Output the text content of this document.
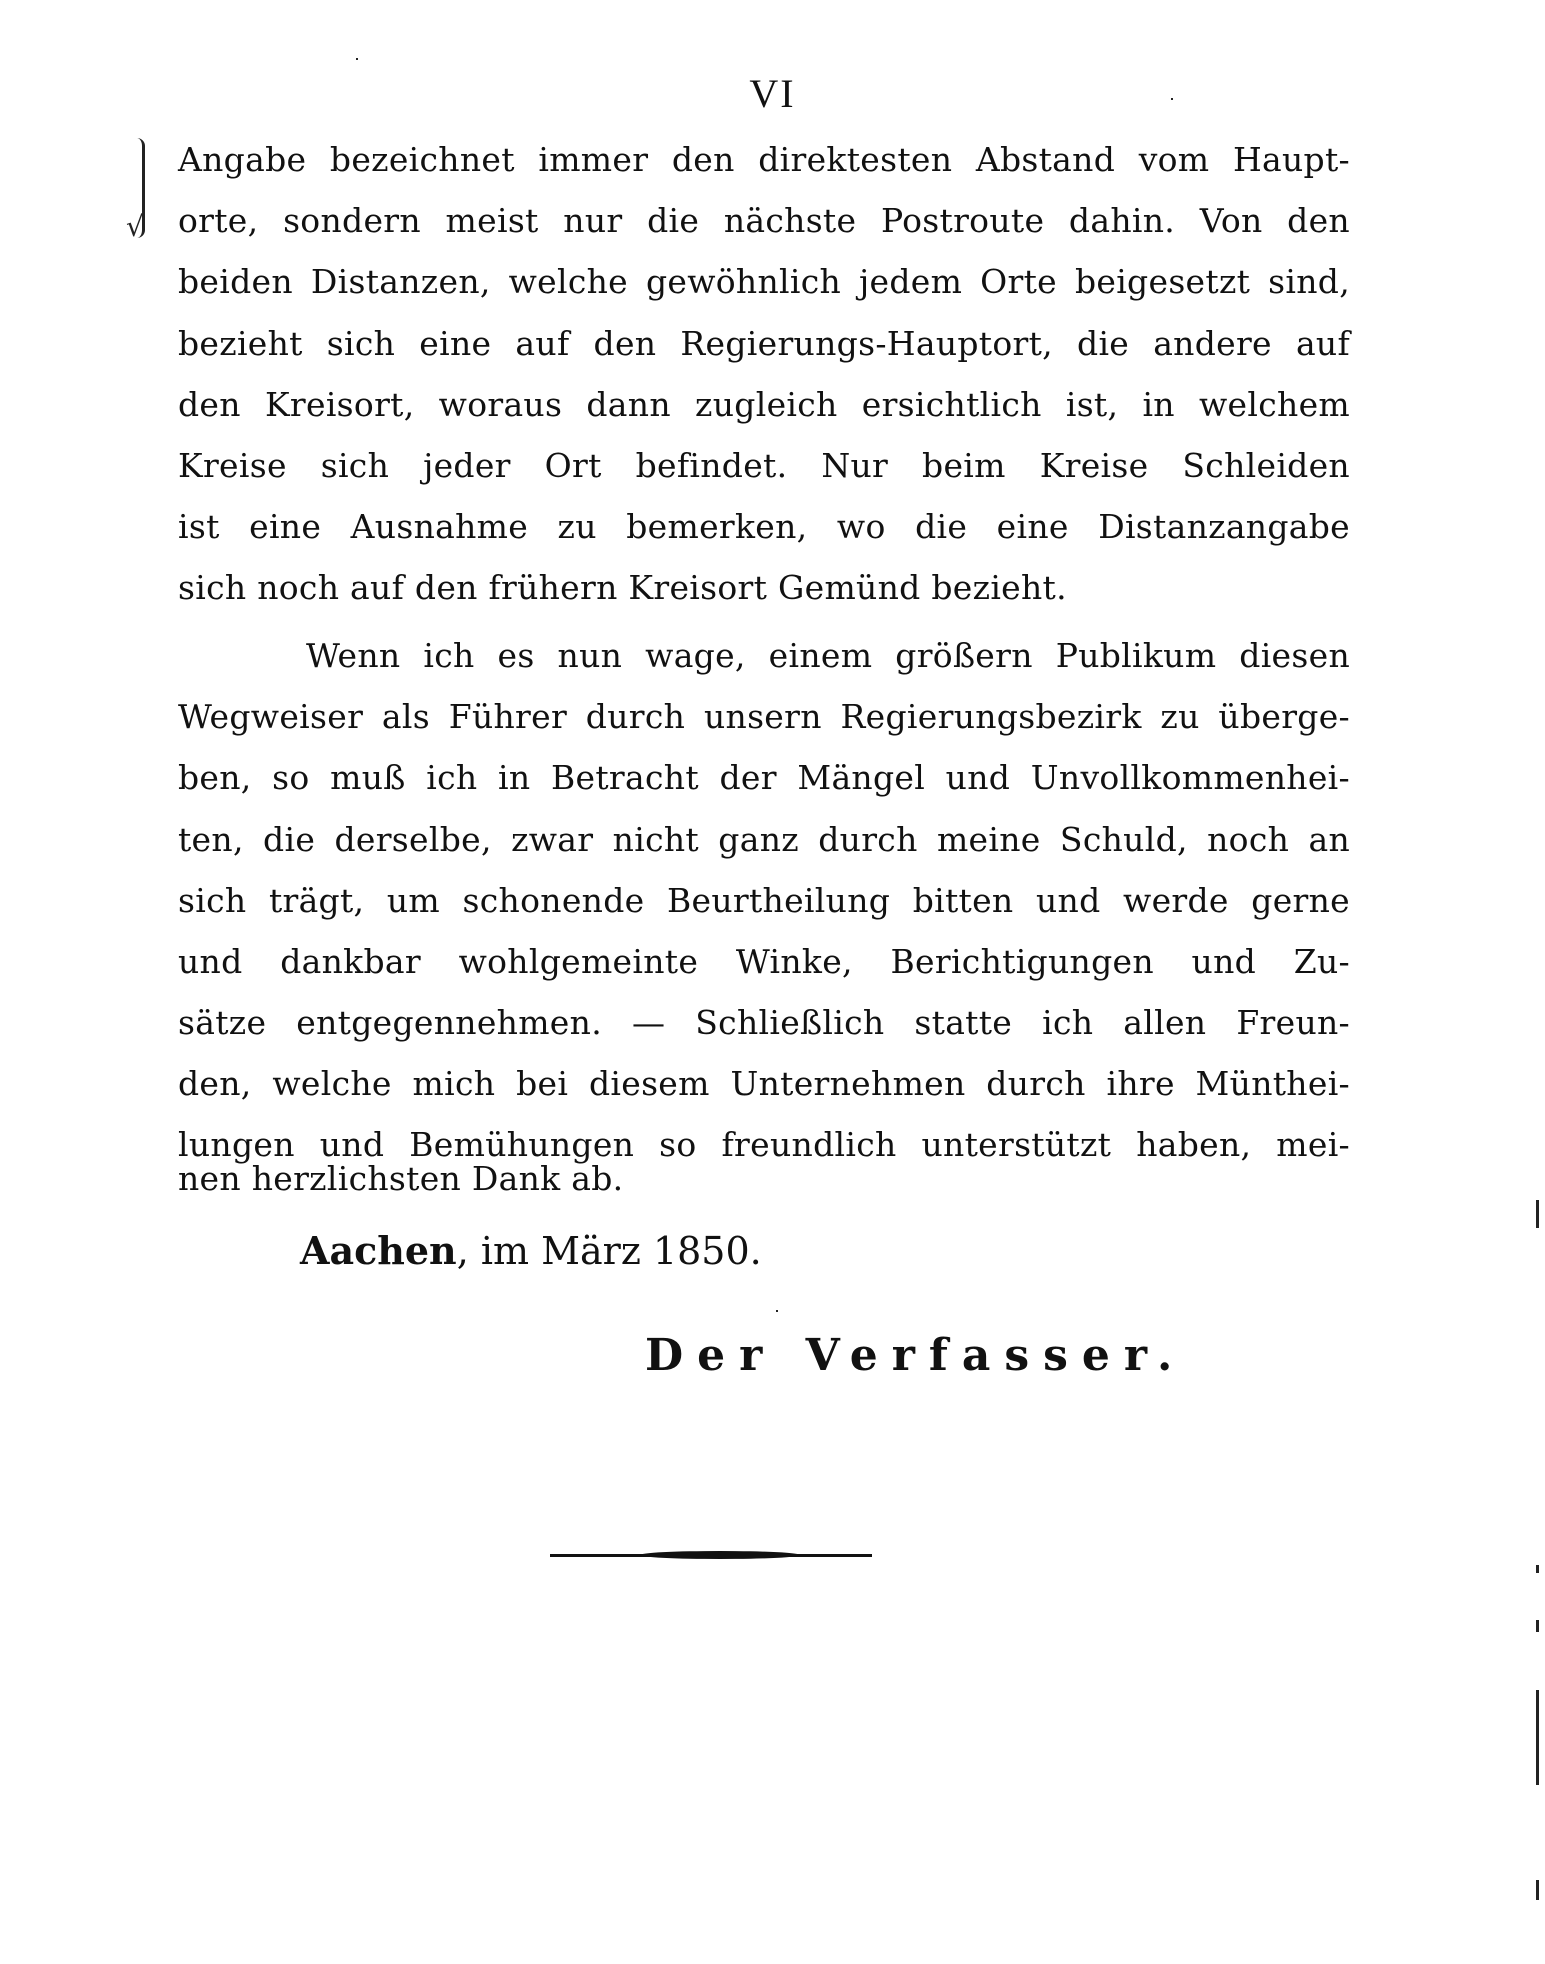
VI
√
Angabe bezeichnet immer den direktesten Abstand vom Haupt-
orte, sondern meist nur die nächste Postroute dahin. Von den
beiden Distanzen, welche gewöhnlich jedem Orte beigesetzt sind,
bezieht sich eine auf den Regierungs-Hauptort, die andere auf
den Kreisort, woraus dann zugleich ersichtlich ist, in welchem
Kreise sich jeder Ort befindet. Nur beim Kreise Schleiden
ist eine Ausnahme zu bemerken, wo die eine Distanzangabe
sich noch auf den frühern Kreisort Gemünd bezieht.
Wenn ich es nun wage, einem größern Publikum diesen
Wegweiser als Führer durch unsern Regierungsbezirk zu überge-
ben, so muß ich in Betracht der Mängel und Unvollkommenhei-
ten, die derselbe, zwar nicht ganz durch meine Schuld, noch an
sich trägt, um schonende Beurtheilung bitten und werde gerne
und dankbar wohlgemeinte Winke, Berichtigungen und Zu-
sätze entgegennehmen. — Schließlich statte ich allen Freun-
den, welche mich bei diesem Unternehmen durch ihre Münthei-
lungen und Bemühungen so freundlich unterstützt haben, mei-
nen herzlichsten Dank ab.
Aachen, im März 1850.
Der Verfasser.
